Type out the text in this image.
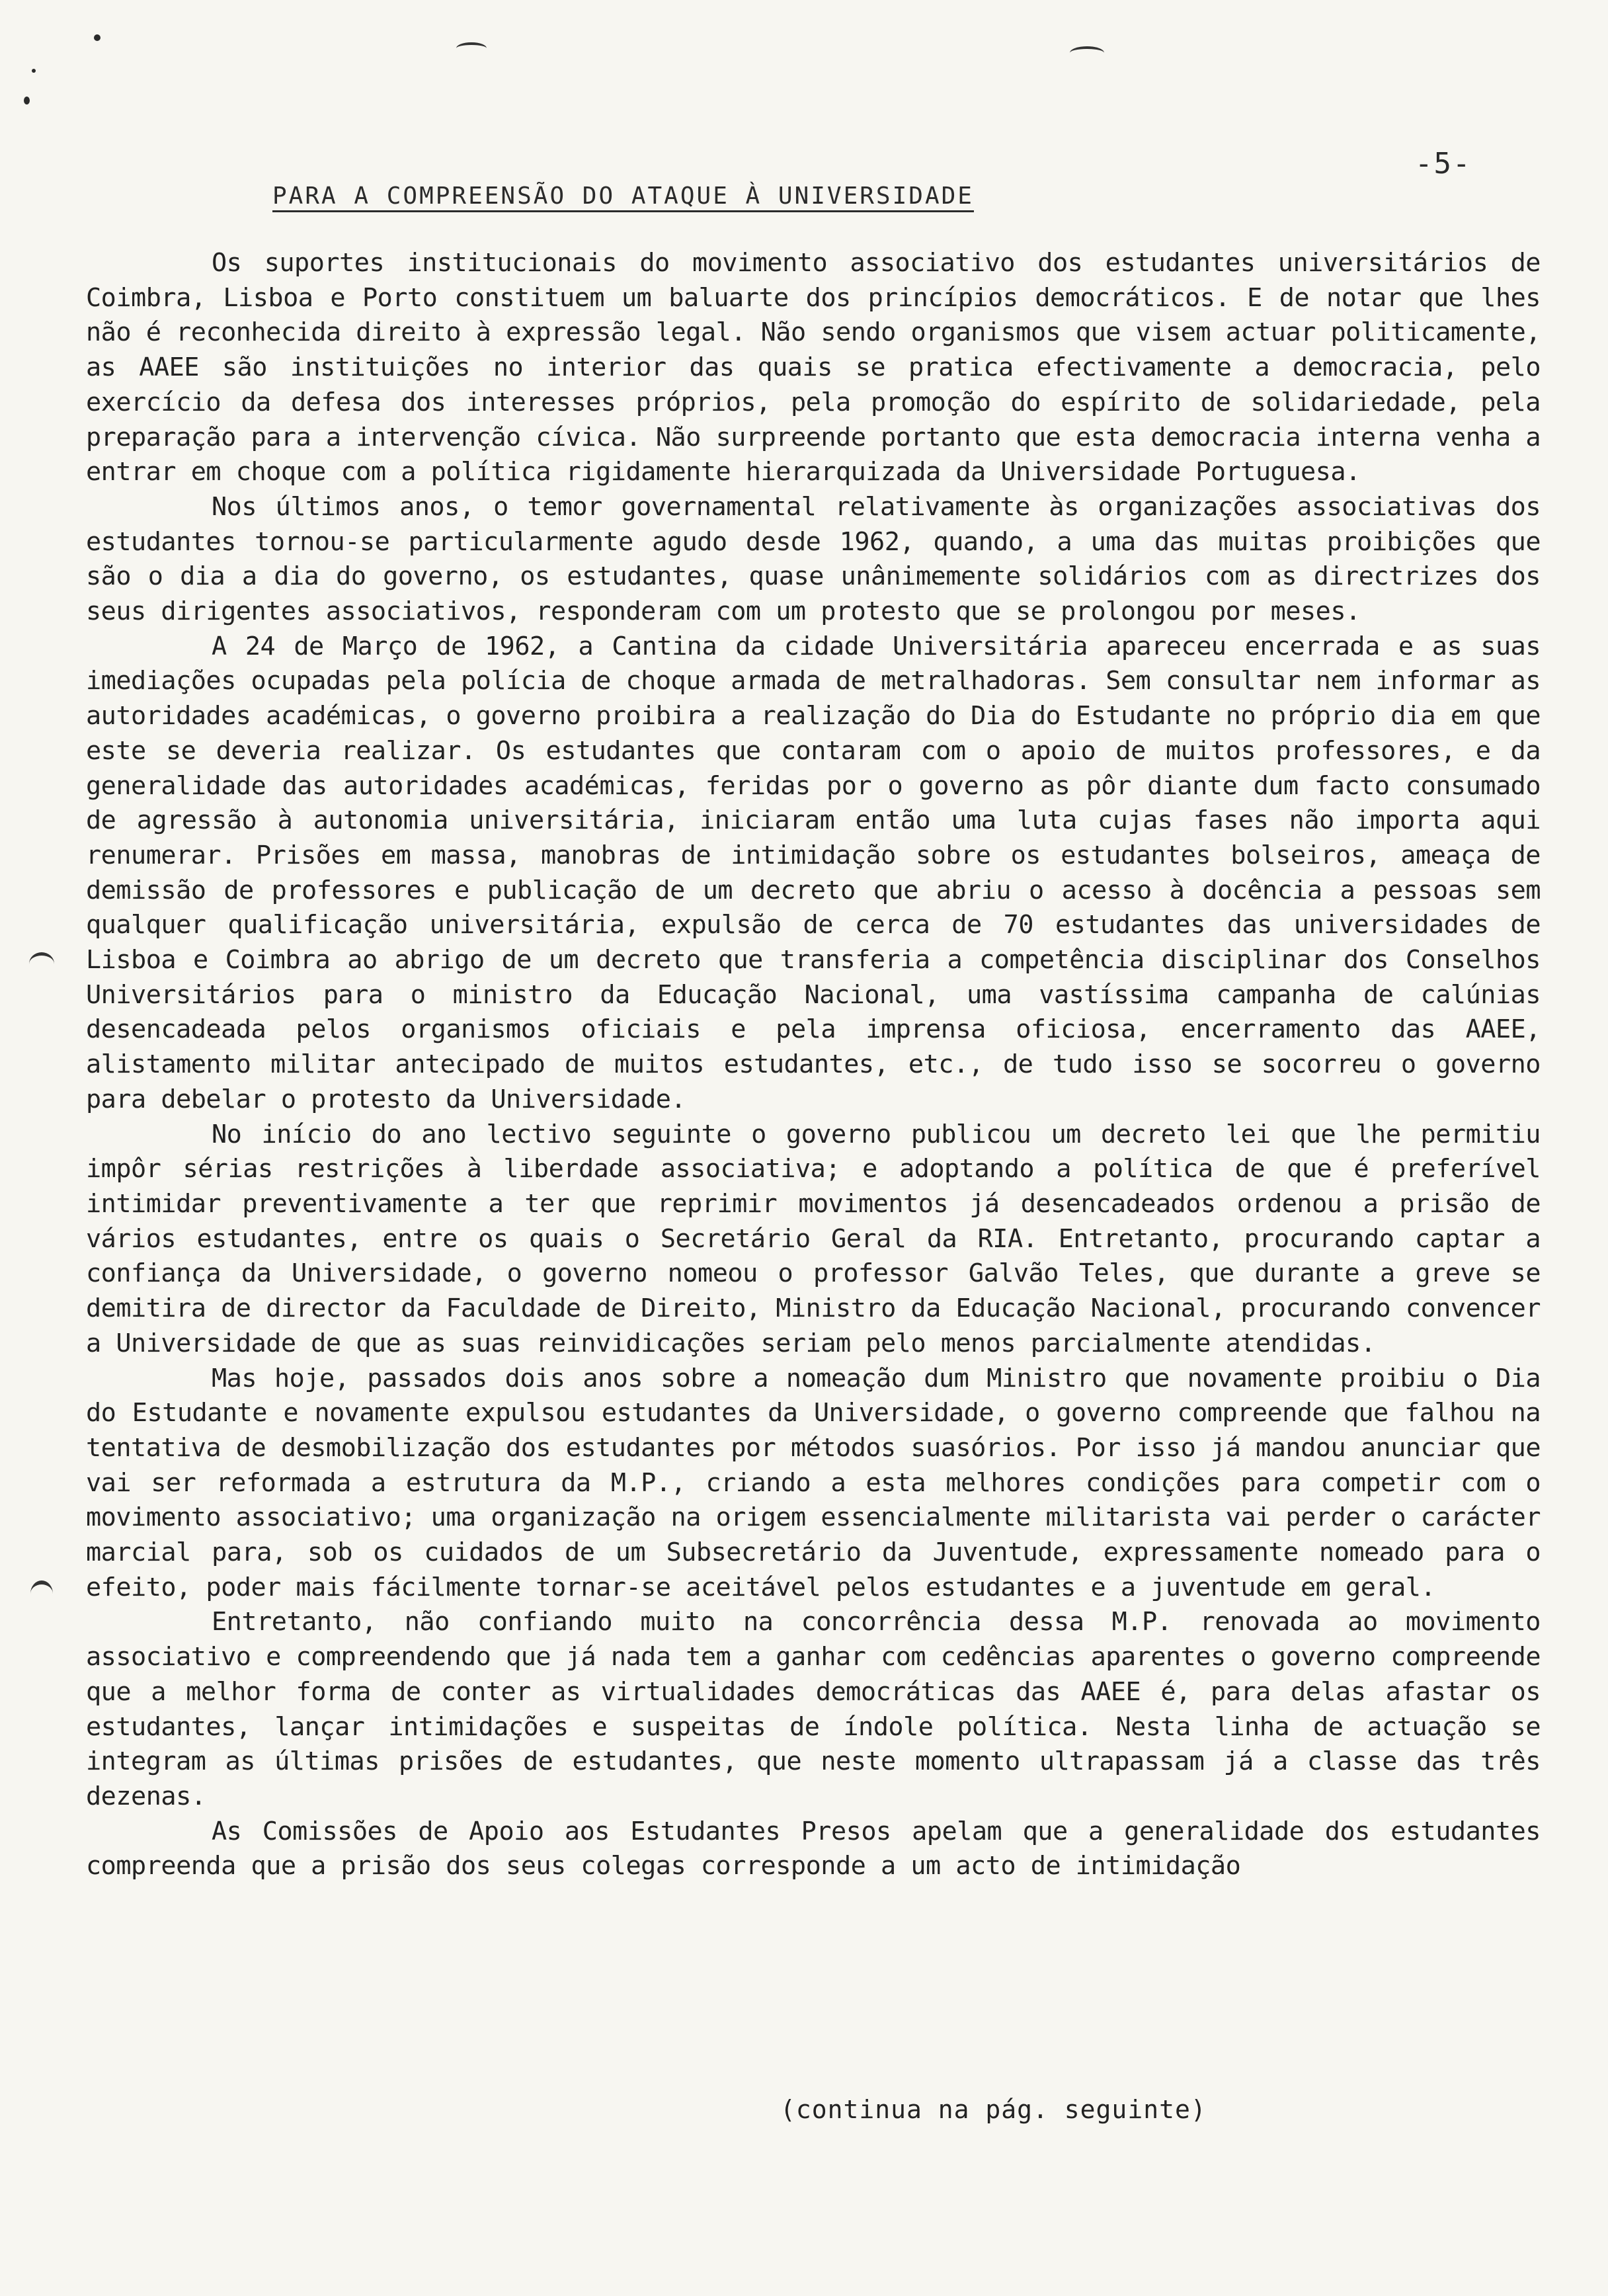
-5-
PARA A COMPREENSÃO DO ATAQUE À UNIVERSIDADE

Os suportes institucionais do movimento associativo dos estudantes universitários de Coimbra, Lisboa e Porto constituem um baluarte dos princípios democráticos. E de notar que lhes não é reconhecida direito à expressão legal. Não sendo organismos que visem actuar politicamente, as AAEE são instituições no interior das quais se pratica efectivamente a democracia, pelo exercício da defesa dos interesses próprios, pela promoção do espírito de solidariedade, pela preparação para a intervenção cívica. Não surpreende portanto que esta democracia interna venha a entrar em choque com a política rigidamente hierarquizada da Universidade Portuguesa.

Nos últimos anos, o temor governamental relativamente às organizações associativas dos estudantes tornou-se particularmente agudo desde 1962, quando, a uma das muitas proibições que são o dia a dia do governo, os estudantes, quase unânimemente solidários com as directrizes dos seus dirigentes associativos, responderam com um protesto que se prolongou por meses.

A 24 de Março de 1962, a Cantina da cidade Universitária apareceu encerrada e as suas imediações ocupadas pela polícia de choque armada de metralhadoras. Sem consultar nem informar as autoridades académicas, o governo proibira a realização do Dia do Estudante no próprio dia em que este se deveria realizar. Os estudantes que contaram com o apoio de muitos professores, e da generalidade das autoridades académicas, feridas por o governo as pôr diante dum facto consumado de agressão à autonomia universitária, iniciaram então uma luta cujas fases não importa aqui renumerar. Prisões em massa, manobras de intimidação sobre os estudantes bolseiros, ameaça de demissão de professores e publicação de um decreto que abriu o acesso à docência a pessoas sem qualquer qualificação universitária, expulsão de cerca de 70 estudantes das universidades de Lisboa e Coimbra ao abrigo de um decreto que transferia a competência disciplinar dos Conselhos Universitários para o ministro da Educação Nacional, uma vastíssima campanha de calúnias desencadeada pelos organismos oficiais e pela imprensa oficiosa, encerramento das AAEE, alistamento militar antecipado de muitos estudantes, etc., de tudo isso se socorreu o governo para debelar o protesto da Universidade.

No início do ano lectivo seguinte o governo publicou um decreto lei que lhe permitiu impôr sérias restrições à liberdade associativa; e adoptando a política de que é preferível intimidar preventivamente a ter que reprimir movimentos já desencadeados ordenou a prisão de vários estudantes, entre os quais o Secretário Geral da RIA. Entretanto, procurando captar a confiança da Universidade, o governo nomeou o professor Galvão Teles, que durante a greve se demitira de director da Faculdade de Direito, Ministro da Educação Nacional, procurando convencer a Universidade de que as suas reinvidicações seriam pelo menos parcialmente atendidas.

Mas hoje, passados dois anos sobre a nomeação dum Ministro que novamente proibiu o Dia do Estudante e novamente expulsou estudantes da Universidade, o governo compreende que falhou na tentativa de desmobilização dos estudantes por métodos suasórios. Por isso já mandou anunciar que vai ser reformada a estrutura da M.P., criando a esta melhores condições para competir com o movimento associativo; uma organização na origem essencialmente militarista vai perder o carácter marcial para, sob os cuidados de um Subsecretário da Juventude, expressamente nomeado para o efeito, poder mais fácilmente tornar-se aceitável pelos estudantes e a juventude em geral.

Entretanto, não confiando muito na concorrência dessa M.P. renovada ao movimento associativo e compreendendo que já nada tem a ganhar com cedências aparentes o governo compreende que a melhor forma de conter as virtualidades democráticas das AAEE é, para delas afastar os estudantes, lançar intimidações e suspeitas de índole política. Nesta linha de actuação se integram as últimas prisões de estudantes, que neste momento ultrapassam já a classe das três dezenas.

As Comissões de Apoio aos Estudantes Presos apelam que a generalidade dos estudantes compreenda que a prisão dos seus colegas corresponde a um acto de intimidação

(continua na pág. seguinte)
